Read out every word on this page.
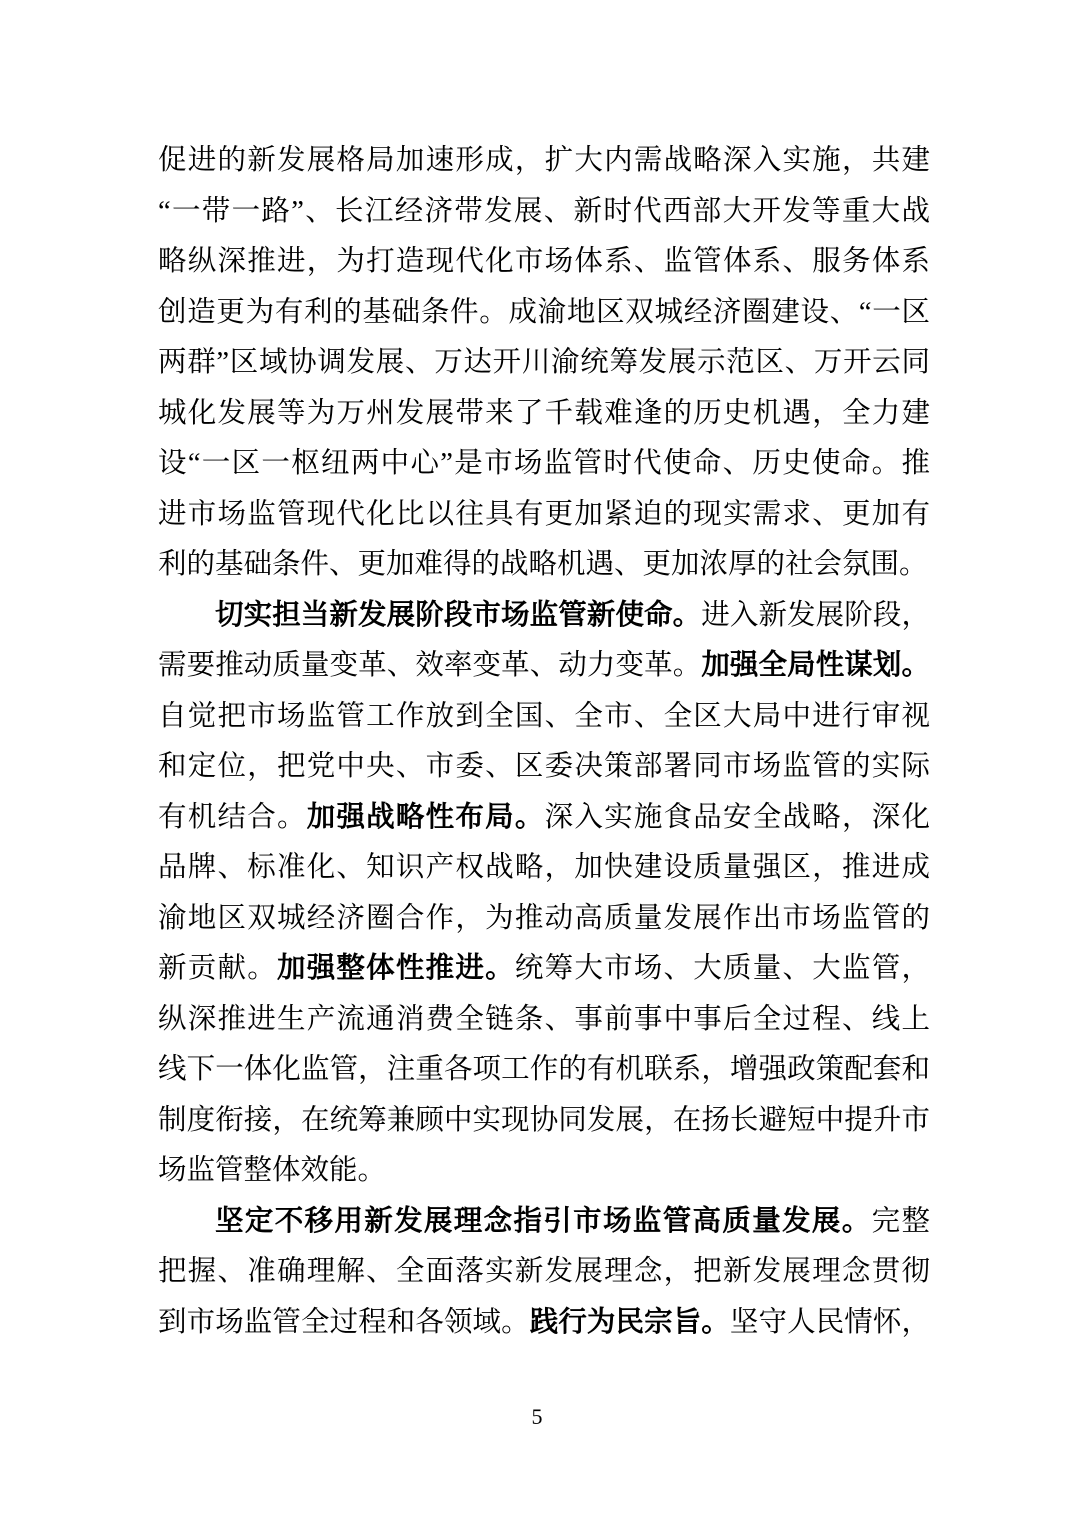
促进的新发展格局加速形成，扩大内需战略深入实施，共建
“一带一路”、长江经济带发展、新时代西部大开发等重大战
略纵深推进，为打造现代化市场体系、监管体系、服务体系
创造更为有利的基础条件。成渝地区双城经济圈建设、“一区
两群”区域协调发展、万达开川渝统筹发展示范区、万开云同
城化发展等为万州发展带来了千载难逢的历史机遇，全力建
设“一区一枢纽两中心”是市场监管时代使命、历史使命。推
进市场监管现代化比以往具有更加紧迫的现实需求、更加有
利的基础条件、更加难得的战略机遇、更加浓厚的社会氛围。
切实担当新发展阶段市场监管新使命。进入新发展阶段，
需要推动质量变革、效率变革、动力变革。加强全局性谋划。
自觉把市场监管工作放到全国、全市、全区大局中进行审视
和定位，把党中央、市委、区委决策部署同市场监管的实际
有机结合。加强战略性布局。深入实施食品安全战略，深化
品牌、标准化、知识产权战略，加快建设质量强区，推进成
渝地区双城经济圈合作，为推动高质量发展作出市场监管的
新贡献。加强整体性推进。统筹大市场、大质量、大监管，
纵深推进生产流通消费全链条、事前事中事后全过程、线上
线下一体化监管，注重各项工作的有机联系，增强政策配套和
制度衔接，在统筹兼顾中实现协同发展，在扬长避短中提升市
场监管整体效能。
坚定不移用新发展理念指引市场监管高质量发展。完整
把握、准确理解、全面落实新发展理念，把新发展理念贯彻
到市场监管全过程和各领域。践行为民宗旨。坚守人民情怀，
5
